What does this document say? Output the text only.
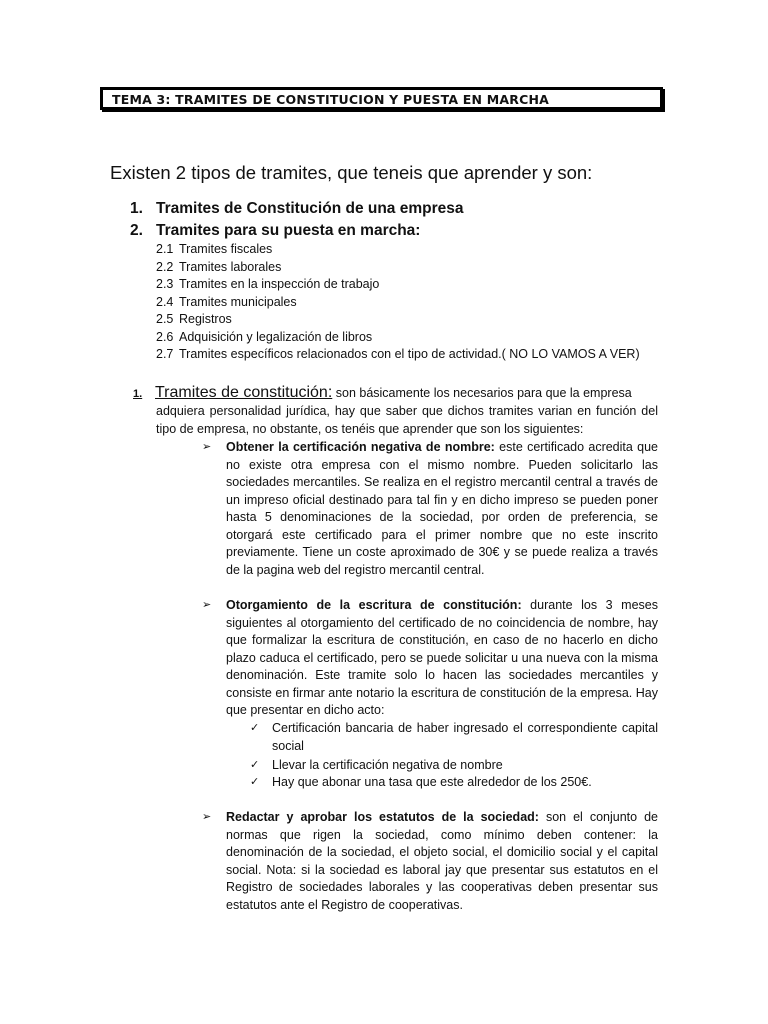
TEMA 3: TRAMITES DE CONSTITUCION Y PUESTA EN MARCHA
Existen 2 tipos de tramites, que teneis que aprender y son:
1. Tramites de Constitución de una empresa
2. Tramites para su puesta en marcha:
2.1 Tramites fiscales
2.2 Tramites laborales
2.3 Tramites en la inspección de trabajo
2.4 Tramites municipales
2.5 Registros
2.6 Adquisición y legalización de libros
2.7 Tramites específicos relacionados con el tipo de actividad.( NO LO VAMOS A VER)
1. Tramites de constitución: son básicamente los necesarios para que la empresa
adquiera personalidad jurídica, hay que saber que dichos tramites varian en función del tipo de empresa, no obstante, os tenéis que aprender que son los siguientes:
➢ Obtener la certificación negativa de nombre: este certificado acredita que no existe otra empresa con el mismo nombre. Pueden solicitarlo las sociedades mercantiles. Se realiza en el registro mercantil central a través de un impreso oficial destinado para tal fin y en dicho impreso se pueden poner hasta 5 denominaciones de la sociedad, por orden de preferencia, se otorgará este certificado para el primer nombre que no este inscrito previamente. Tiene un coste aproximado de 30€ y se puede realiza a través de la pagina web del registro mercantil central.
➢ Otorgamiento de la escritura de constitución: durante los 3 meses siguientes al otorgamiento del certificado de no coincidencia de nombre, hay que formalizar la escritura de constitución, en caso de no hacerlo en dicho plazo caduca el certificado, pero se puede solicitar u una nueva con la misma denominación. Este tramite solo lo hacen las sociedades mercantiles y consiste en firmar ante notario la escritura de constitución de la empresa. Hay que presentar en dicho acto:
✓ Certificación bancaria de haber ingresado el correspondiente capital social
✓ Llevar la certificación negativa de nombre
✓ Hay que abonar una tasa que este alrededor de los 250€.
➢ Redactar y aprobar los estatutos de la sociedad: son el conjunto de normas que rigen la sociedad, como mínimo deben contener: la denominación de la sociedad, el objeto social, el domicilio social y el capital social. Nota: si la sociedad es laboral jay que presentar sus estatutos en el Registro de sociedades laborales y las cooperativas deben presentar sus estatutos ante el Registro de cooperativas.
